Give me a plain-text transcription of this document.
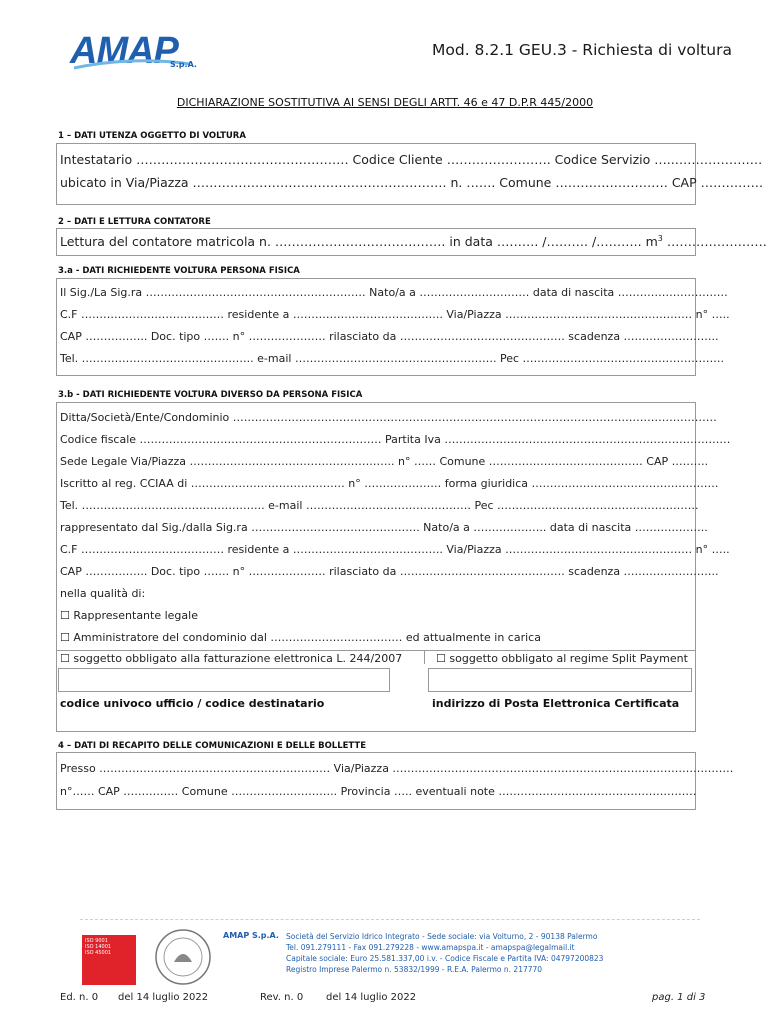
AMAP
S.p.A.
Mod. 8.2.1 GEU.3 - Richiesta di voltura
DICHIARAZIONE SOSTITUTIVA AI SENSI DEGLI ARTT. 46 e 47 D.P.R 445/2000
1 – DATI UTENZA OGGETTO DI VOLTURA
Intestatario …………………………………………… Codice Cliente ……………………. Codice Servizio …..…………………
ubicato in Via/Piazza ……………………………………………………. n. ……. Comune ……………………… CAP ……………
2 – DATI E LETTURA CONTATORE
Lettura del contatore matricola n. …………………………….……. in data ………. /………. /……….. $m^3$ ……………………
3.a - DATI RICHIEDENTE VOLTURA PERSONA FISICA
Il Sig./La Sig.ra …………………………………………………… Nato/a a ………………………… data di nascita …………………………
C.F ………………………………… residente a ………………………………….. Via/Piazza …………………………………………… n° …..
CAP …………….. Doc. tipo ……. n° ………………… rilasciato da ……………………………………… scadenza ……………………..
Tel. ……………………………………….. e-mail ………………………………………………. Pec ……………………………………………….
3.b - DATI RICHIEDENTE VOLTURA DIVERSO DA PERSONA FISICA
Ditta/Società/Ente/Condominio ……………………………………………………………………………………………………………………
Codice fiscale ………………………………………………………… Partita Iva ……………………………………………………………………
Sede Legale Via/Piazza ……………………………………………….. n° …… Comune …………………………………… CAP ……….
Iscritto al reg. CCIAA di …………………………………… n° ………………… forma giuridica ……………………………………………
Tel. ………………………………………….. e-mail ……………………………………… Pec ……………………………………………….
rappresentato dal Sig./dalla Sig.ra ………………………………………. Nato/a a ……………….. data di nascita ………………..
C.F ………………………………… residente a ………………………………….. Via/Piazza …………………………………………… n° …..
CAP …………….. Doc. tipo ……. n° ………………… rilasciato da ……………………………………… scadenza ……………………..
nella qualità di:
☐ Rappresentante legale
☐ Amministratore del condominio dal ……………………………… ed attualmente in carica
☐ soggetto obbligato alla fatturazione elettronica L. 244/2007	☐ soggetto obbligato al regime Split Payment
codice univoco ufficio / codice destinatario	indirizzo di Posta Elettronica Certificata
4 – DATI DI RECAPITO DELLE COMUNICAZIONI E DELLE BOLLETTE
Presso ……………………………………………………… Via/Piazza …………………………………………………………………………………
n°…… CAP …………… Comune ……………………….. Provincia ….. eventuali note ………………………………………………
ISO 9001
ISO 14001
ISO 45001
AMAP S.p.A. Società del Servizio Idrico Integrato - Sede sociale: via Volturno, 2 - 90138 Palermo
Tel. 091.279111 - Fax 091.279228 - www.amapspa.it - amapspa@legalmail.it
Capitale sociale: Euro 25.581.337,00 i.v. - Codice Fiscale e Partita IVA: 04797200823
Registro Imprese Palermo n. 53832/1999 - R.E.A. Palermo n. 217770
Ed. n. 0 del 14 luglio 2022	Rev. n. 0 del 14 luglio 2022	pag. 1 di 3
